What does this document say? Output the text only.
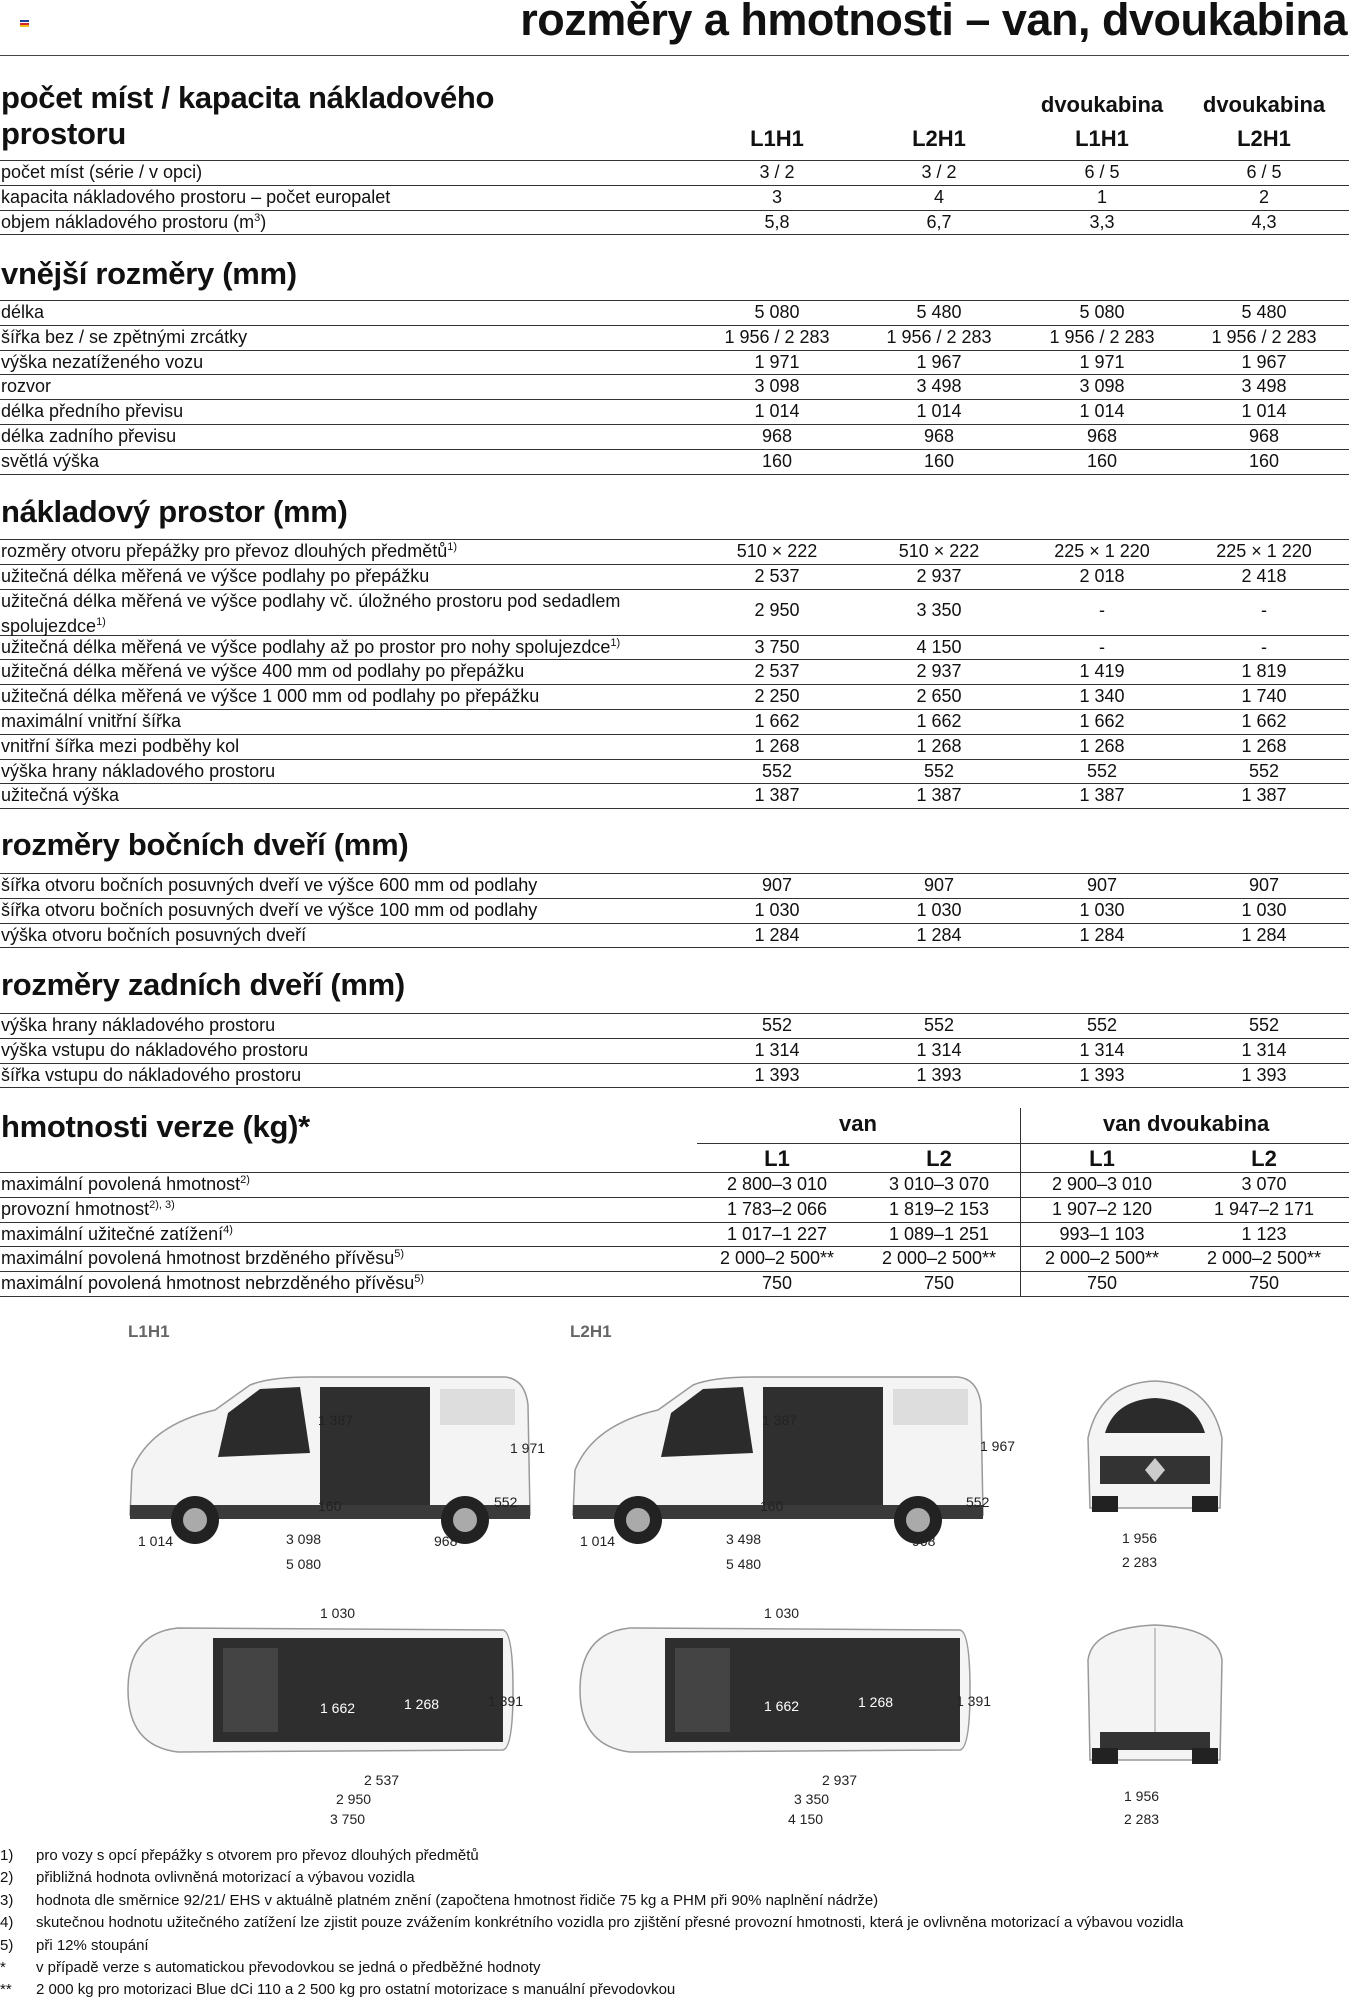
rozměry a hmotnosti – van, dvoukabina
počet míst / kapacita nákladového
prostoru
dvoukabina	dvoukabina
L1H1	L2H1	L1H1	L2H1
počet míst (série / v opci)	3 / 2	3 / 2	6 / 5	6 / 5
kapacita nákladového prostoru – počet europalet	3	4	1	2
objem nákladového prostoru $(m^3)$	5,8	6,7	3,3	4,3
vnější rozměry (mm)
délka	5 080	5 480	5 080	5 480
šířka bez / se zpětnými zrcátky	1 956 / 2 283	1 956 / 2 283	1 956 / 2 283	1 956 / 2 283
výška nezatíženého vozu	1 971	1 967	1 971	1 967
rozvor	3 098	3 498	3 098	3 498
délka předního převisu	1 014	1 014	1 014	1 014
délka zadního převisu	968	968	968	968
světlá výška	160	160	160	160
nákladový prostor (mm)
rozměry otvoru přepážky pro převoz dlouhých předmětů$^{1)}$	510 × 222	510 × 222	225 × 1 220	225 × 1 220
užitečná délka měřená ve výšce podlahy po přepážku	2 537	2 937	2 018	2 418
užitečná délka měřená ve výšce podlahy vč. úložného prostoru pod sedadlem
spolujezdce$^{1)}$
2 950	3 350	-	-
užitečná délka měřená ve výšce podlahy až po prostor pro nohy spolujezdce$^{1)}$	3 750	4 150	-	-
užitečná délka měřená ve výšce 400 mm od podlahy po přepážku	2 537	2 937	1 419	1 819
užitečná délka měřená ve výšce 1 000 mm od podlahy po přepážku	2 250	2 650	1 340	1 740
maximální vnitřní šířka	1 662	1 662	1 662	1 662
vnitřní šířka mezi podběhy kol	1 268	1 268	1 268	1 268
výška hrany nákladového prostoru	552	552	552	552
užitečná výška	1 387	1 387	1 387	1 387
rozměry bočních dveří (mm)
šířka otvoru bočních posuvných dveří ve výšce 600 mm od podlahy	907	907	907	907
šířka otvoru bočních posuvných dveří ve výšce 100 mm od podlahy	1 030	1 030	1 030	1 030
výška otvoru bočních posuvných dveří	1 284	1 284	1 284	1 284
rozměry zadních dveří (mm)
výška hrany nákladového prostoru	552	552	552	552
výška vstupu do nákladového prostoru	1 314	1 314	1 314	1 314
šířka vstupu do nákladového prostoru	1 393	1 393	1 393	1 393
hmotnosti verze (kg)*	van	van dvoukabina
L1	L2	L1	L2
maximální povolená hmotnost$^{2)}$	2 800–3 010	3 010–3 070	2 900–3 010	3 070
provozní hmotnost$^{2), 3)}$	1 783–2 066	1 819–2 153	1 907–2 120	1 947–2 171
maximální užitečné zatížení$^{4)}$	1 017–1 227	1 089–1 251	993–1 103	1 123
maximální povolená hmotnost brzděného přívěsu$^{5)}$	2 000–2 500**	2 000–2 500**	2 000–2 500**	2 000–2 500**
maximální povolená hmotnost nebrzděného přívěsu$^{5)}$	750	750	750	750
L1H1	L2H1
1 387
1 971
160	552
1 014	3 098	968
5 080
1 387
1 967
160	552
1 014	3 498	968
5 480
1 956
2 283
1 030
1 662	1 268	1 391
2 537
2 950
3 750
1 030
1 662	1 268	1 391
2 937
3 350
4 150
1 956
2 283
1)	pro vozy s opcí přepážky s otvorem pro převoz dlouhých předmětů
2)	přibližná hodnota ovlivněná motorizací a výbavou vozidla
3)	hodnota dle směrnice 92/21/ EHS v aktuálně platném znění (započtena hmotnost řidiče 75 kg a PHM při 90% naplnění nádrže)
4)	skutečnou hodnotu užitečného zatížení lze zjistit pouze zvážením konkrétního vozidla pro zjištění přesné provozní hmotnosti, která je ovlivněna motorizací a výbavou vozidla
5)	při 12% stoupání
*	v případě verze s automatickou převodovkou se jedná o předběžné hodnoty
**	2 000 kg pro motorizaci Blue dCi 110 a 2 500 kg pro ostatní motorizace s manuální převodovkou
